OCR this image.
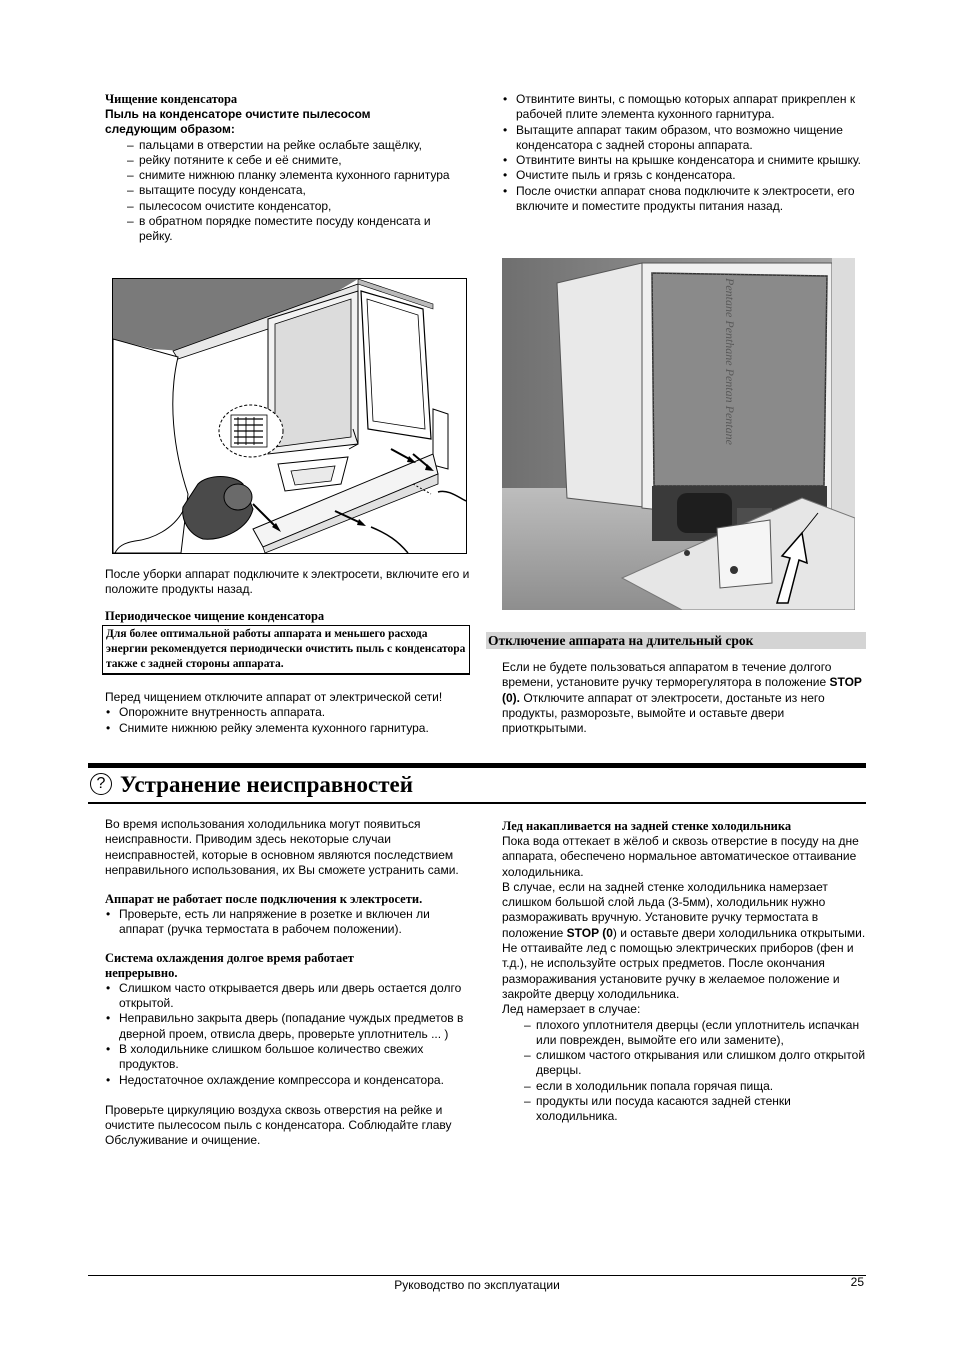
Чищение конденсатора
Пыль на конденсаторе очистите пылесосом
следующим образом:
– пальцами в отверстии на рейке ослабьте защёлку,
– рейку потяните к себе и её снимите,
– снимите нижнюю планку элемента кухонного гарнитура
– вытащите посуду конденсата,
– пылесосом очистите конденсатор,
– в обратном порядке поместите посуду конденсата и рейку.
После уборки аппарат подключите к электросети, включите его и положите продукты назад.
Периодическое чищение конденсатора
Для более оптимальной работы аппарата и меньшего расхода энергии рекомендуется периодически очистить пыль с конденсатора также с задней стороны аппарата.

Перед чищением отключите аппарат от электрической сети!

• Опорожните внутренность аппарата.
• Снимите нижнюю рейку элемента кухонного гарнитура.
• Отвинтите винты, с помощью которых аппарат прикреплен к рабочей плите элемента кухонного гарнитура.
• Вытащите аппарат таким образом, что возможно чищение конденсатора с задней стороны аппарата.
• Отвинтите винты на крышке конденсатора и снимите крышку.
• Очистите пыль и грязь с конденсатора.
• После очистки аппарат снова подключите к электросети, его включите и поместите продукты питания назад.
Pentane Penthane Pentan Pentane
Отключение аппарата на длительный срок
Если не будете пользоваться аппаратом в течение долгого времени, установите ручку терморегулятора в положение STOP (0). Отключите аппарат от электросети, достаньте из него продукты, разморозьте, вымойте и оставьте двери приоткрытыми.
? Устранение неисправностей

Во время использования холодильника могут появиться неисправности. Приводим здесь некоторые случаи неисправностей, которые в основном являются последствием неправильного использования, их Вы сможете устранить сами.

Аппарат не работает после подключения к электросети.
• Проверьте, есть ли напряжение в розетке и включен ли аппарат (ручка термостата в рабочем положении).
Система охлаждения долгое время работает
непрерывно.
• Слишком часто открывается дверь или дверь остается долго открытой.
• Неправильно закрыта дверь (попадание чуждых предметов в дверной проем, отвисла дверь, проверьте уплотнитель ... )
• В холодильнике слишком большое количество свежих продуктов.
• Недостаточное охлаждение компрессора и конденсатора.

Проверьте циркуляцию воздуха сквозь отверстия на рейке и очистите пылесосом пыль с конденсатора. Соблюдайте главу Обслуживание и очищение.

Лед накапливается на задней стенке холодильника

Пока вода оттекает в жёлоб и сквозь отверстие в посуду на дне аппарата, обеспечено нормальное автоматическое оттаивание холодильника.

В случае, если на задней стенке холодильника намерзает слишком большой слой льда (3-5мм), холодильник нужно размораживать вручную. Установите ручку термостата в положение STOP (0) и оставьте двери холодильника открытыми. Не оттаивайте лед с помощью электрических приборов (фен и т.д.), не используйте острых предметов. После окончания размораживания установите ручку в желаемое положение и закройте дверцу холодильника.

Лед намерзает в случае:

– плохого уплотнителя дверцы (если уплотнитель испачкан или поврежден, вымойте его или замените),
– слишком частого открывания или слишком долго открытой дверцы.
– если в холодильник попала горячая пища.
– продукты или посуда касаются задней стенки холодильника.
Руководство по эксплуатации	25
